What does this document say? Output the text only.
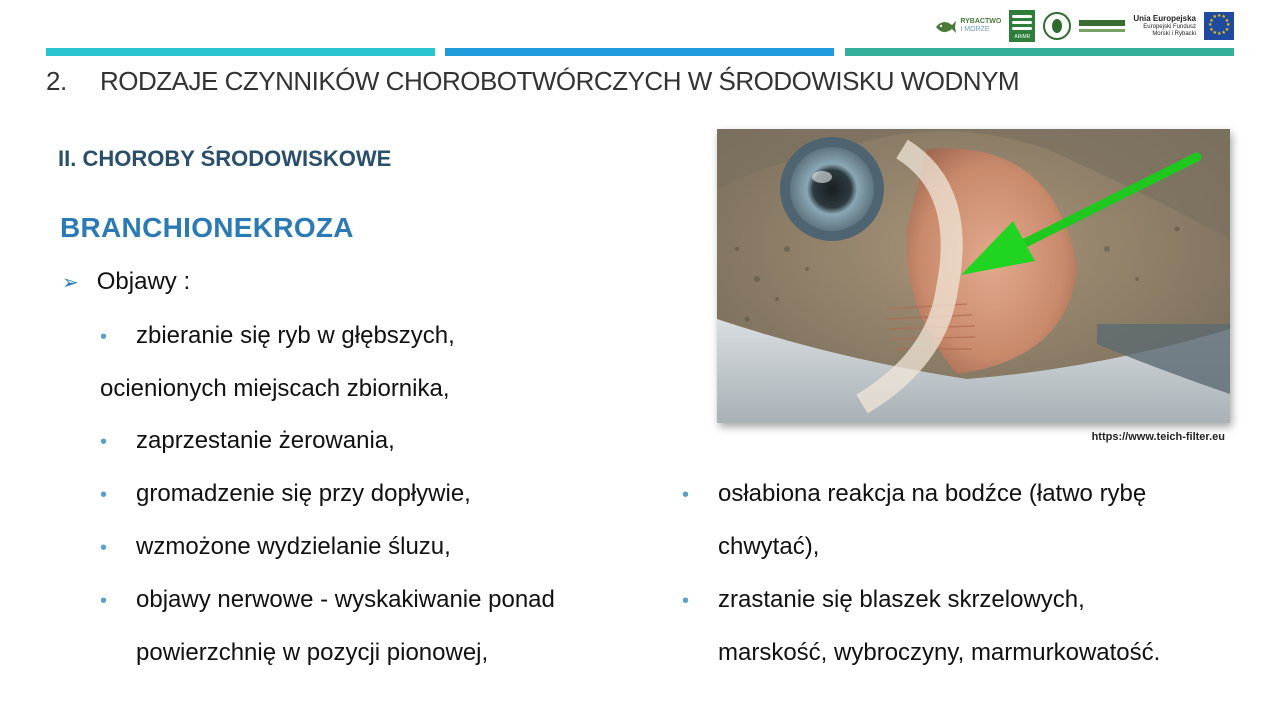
RYBACTWO
I MORZE
ARiMR
Unia Europejska
Europejski Fundusz
Morski i Rybacki
★
★
★
★
★
★
★
★
★ ★ ★
★
2. RODZAJE CZYNNIKÓW CHOROBOTWÓRCZYCH W ŚRODOWISKU WODNYM
II. CHOROBY ŚRODOWISKOWE
BRANCHIONEKROZA
➢ Objawy :
• zbieranie się ryb w głębszych,
ocienionych miejscach zbiornika,
• zaprzestanie żerowania,
• gromadzenie się przy dopływie,
• wzmożone wydzielanie śluzu,
• objawy nerwowe - wyskakiwanie ponad
powierzchnię w pozycji pionowej,
• osłabiona reakcja na bodźce (łatwo rybę
chwytać),
• zrastanie się blaszek skrzelowych,
marskość, wybroczyny, marmurkowatość.
https://www.teich-filter.eu
